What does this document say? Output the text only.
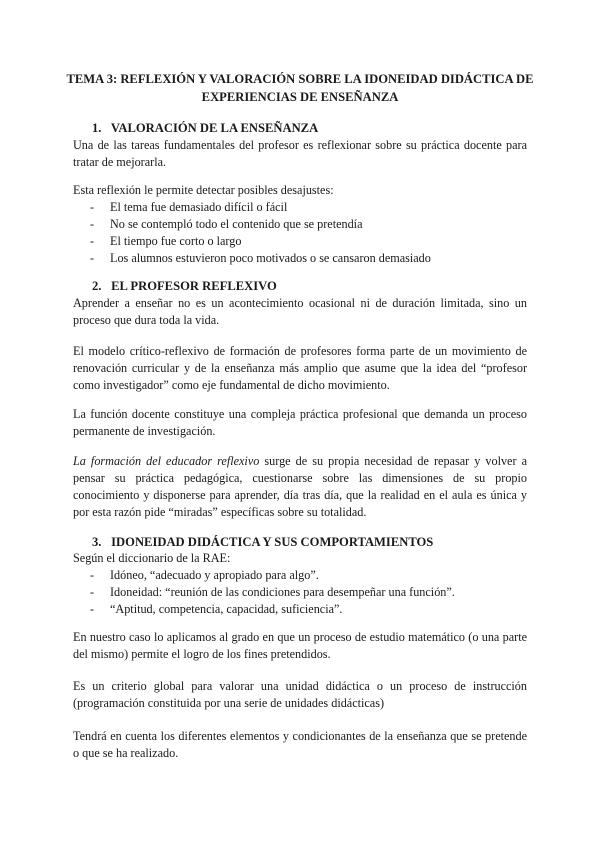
TEMA 3: REFLEXIÓN Y VALORACIÓN SOBRE LA IDONEIDAD DIDÁCTICA DE
EXPERIENCIAS DE ENSEÑANZA
1. VALORACIÓN DE LA ENSEÑANZA

Una de las tareas fundamentales del profesor es reflexionar sobre su práctica docente para tratar de mejorarla.

Esta reflexión le permite detectar posibles desajustes:

- El tema fue demasiado difícil o fácil
- No se contempló todo el contenido que se pretendía
- El tiempo fue corto o largo
- Los alumnos estuvieron poco motivados o se cansaron demasiado
2. EL PROFESOR REFLEXIVO

Aprender a enseñar no es un acontecimiento ocasional ni de duración limitada, sino un proceso que dura toda la vida.

El modelo crítico-reflexivo de formación de profesores forma parte de un movimiento de renovación curricular y de la enseñanza más amplio que asume que la idea del “profesor como investigador” como eje fundamental de dicho movimiento.

La función docente constituye una compleja práctica profesional que demanda un proceso permanente de investigación.

La formación del educador reflexivo surge de su propia necesidad de repasar y volver a pensar su práctica pedagógica, cuestionarse sobre las dimensiones de su propio conocimiento y disponerse para aprender, día tras día, que la realidad en el aula es única y por esta razón pide “miradas” específicas sobre su totalidad.

3. IDONEIDAD DIDÁCTICA Y SUS COMPORTAMIENTOS

Según el diccionario de la RAE:

- Idóneo, “adecuado y apropiado para algo”.
- Idoneidad: “reunión de las condiciones para desempeñar una función”.
- “Aptitud, competencia, capacidad, suficiencia”.

En nuestro caso lo aplicamos al grado en que un proceso de estudio matemático (o una parte del mismo) permite el logro de los fines pretendidos.

Es un criterio global para valorar una unidad didáctica o un proceso de instrucción (programación constituida por una serie de unidades didácticas)

Tendrá en cuenta los diferentes elementos y condicionantes de la enseñanza que se pretende o que se ha realizado.
